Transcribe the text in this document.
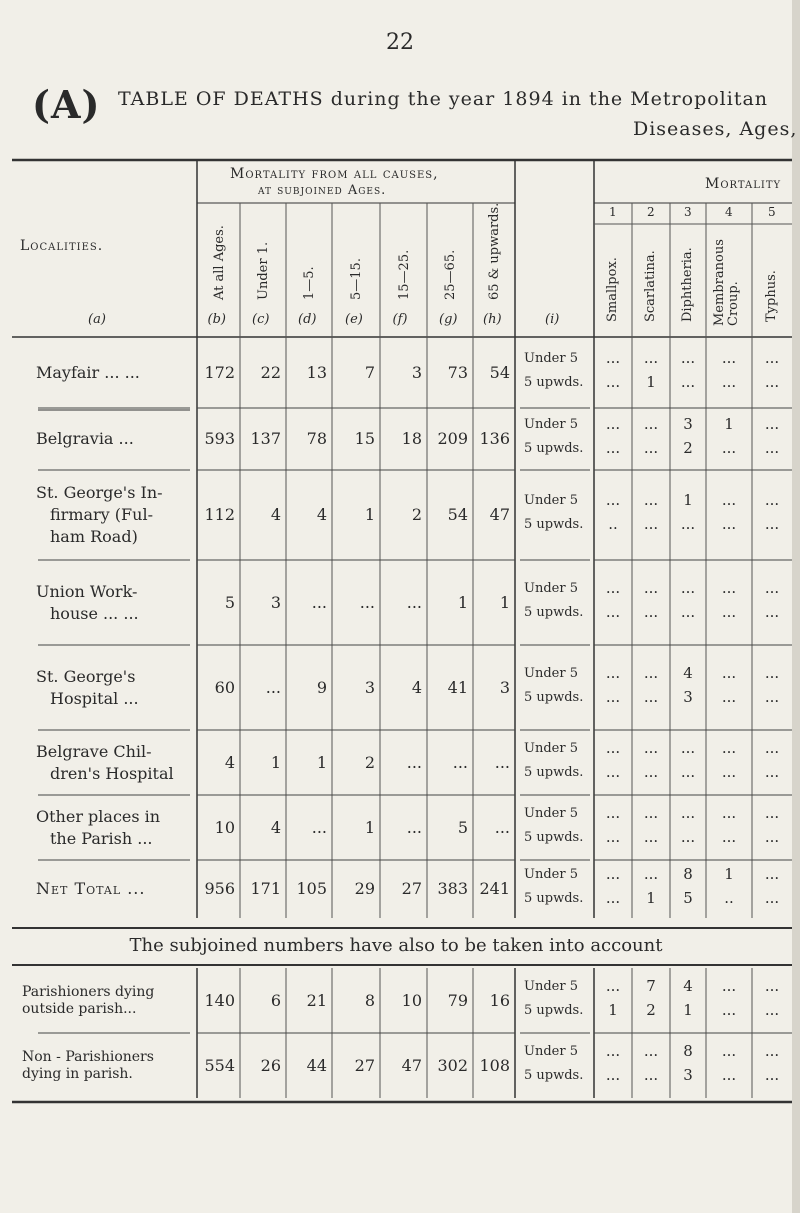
22
(A) TABLE OF DEATHS during the year 1894 in the Metropolitan
Diseases, Ages,
Localities.
(a)
Mortality from all causes,
at subjoined Ages.	Mortality
(i)
At all Ages.
(b)
Under 1.
(c)
1—5.
(d)
5—15.
(e)
15—25.
(f)
25—65.
(g)
65 & upwards.
(h)
1
Smallpox.
2
Scarlatina.
3
Diphtheria.
4
Membranous Croup.
5
Typhus.
Mayfair ... ...	172	22	13	7	3	73	54
Under 5
5 upwds.
... ... ... ... ...
...	1	... ... ...
Belgravia ...	593 137	78	15	18 209 136
Under 5
5 upwds.
... ...	3	1	...
... ...	2	... ...
St. George's In-
firmary (Ful-
ham Road)
112	4	4	1	2	54	47
Under 5
5 upwds.
... ...	1	... ...
..	... ... ... ...
Union Work-
house ... ...
5	3	...	...	...	1	1
Under 5
5 upwds.
... ... ... ... ...
... ... ... ... ...
St. George's
Hospital ...
60	...	9	3	4	41	3
Under 5
5 upwds.
... ...	4	... ...
... ...	3	... ...
Belgrave Chil-
dren's Hospital
4	1	1	2	...	...	...
Under 5
5 upwds.
... ... ... ... ...
... ... ... ... ...
Other places in
the Parish ...
10	4	...	1	...	5	...
Under 5
5 upwds.
... ... ... ... ...
... ... ... ... ...
Net Total ...	956 171 105	29	27 383 241
Under 5
5 upwds.
... ...	8	1	...
...	1	5	..	...
The subjoined numbers have also to be taken into account
Parishioners dying
outside parish...	140	6	21	8	10	79	16
Under 5
5 upwds.
...	7	4	... ...
1	2	1	... ...
Non - Parishioners
dying in parish.	554	26	44	27	47 302 108
Under 5
5 upwds.
... ...	8	... ...
... ...	3	... ...
